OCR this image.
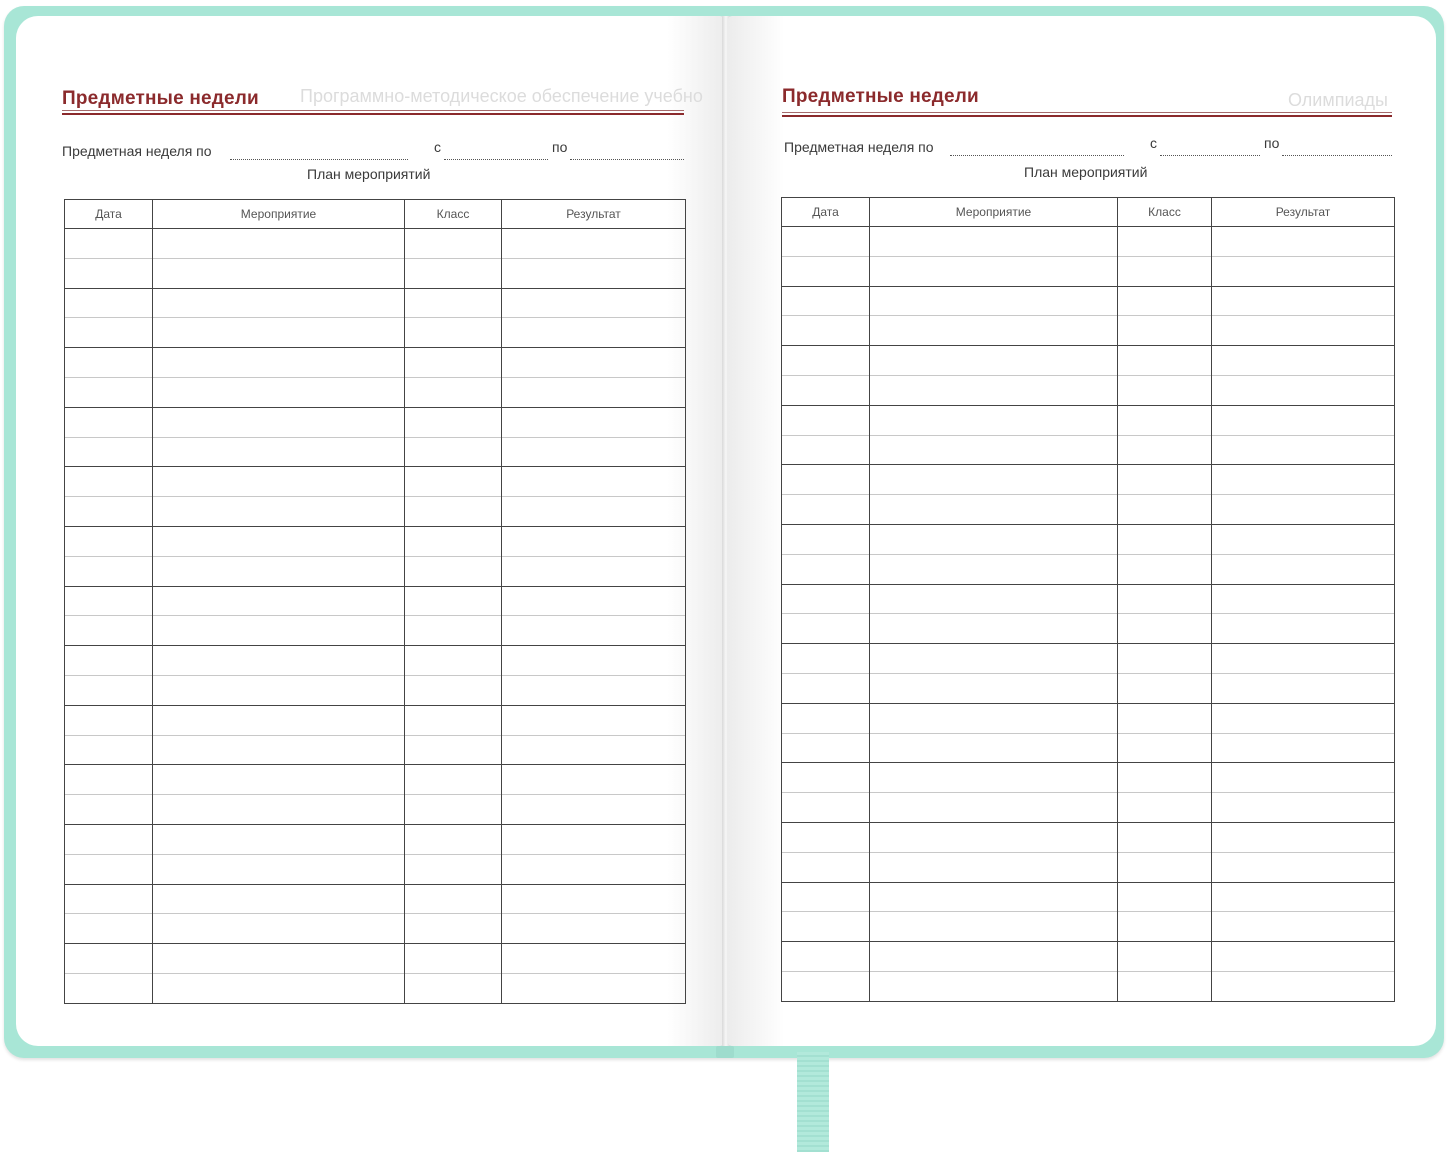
Программно-методическое обеспечение учебно
Предметные недели
Предметная неделя по	с	по
План мероприятий
Дата	Мероприятие	Класс	Результат

Олимпиады
Предметные недели
Предметная неделя по	с	по
План мероприятий
Дата	Мероприятие	Класс	Результат
